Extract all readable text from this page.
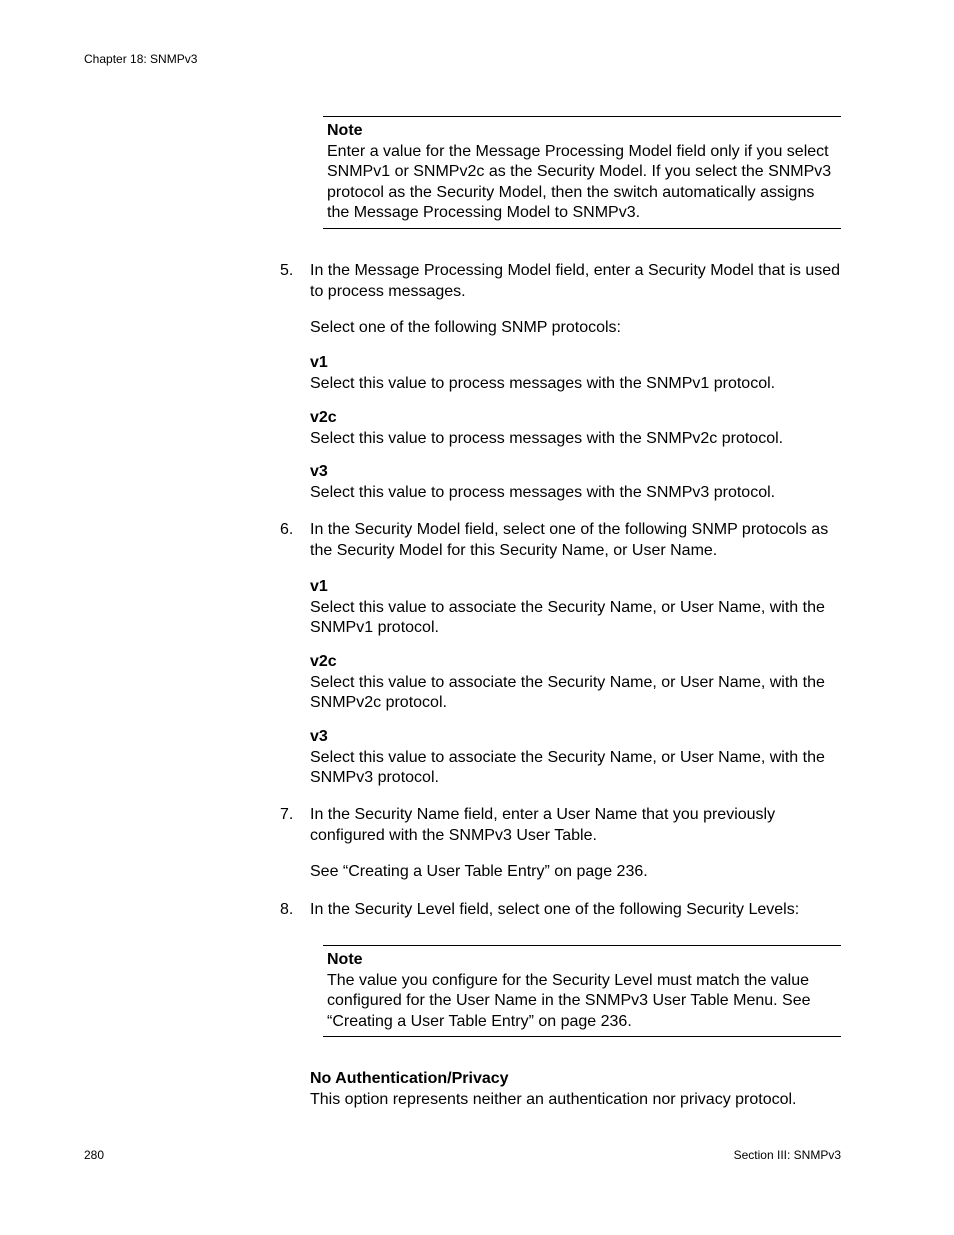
Chapter 18: SNMPv3
Note
Enter a value for the Message Processing Model field only if you select SNMPv1 or SNMPv2c as the Security Model. If you select the SNMPv3 protocol as the Security Model, then the switch automatically assigns the Message Processing Model to SNMPv3.
5. In the Message Processing Model field, enter a Security Model that is used to process messages.
Select one of the following SNMP protocols:
v1
Select this value to process messages with the SNMPv1 protocol.
v2c
Select this value to process messages with the SNMPv2c protocol.
v3
Select this value to process messages with the SNMPv3 protocol.
6. In the Security Model field, select one of the following SNMP protocols as the Security Model for this Security Name, or User Name.
v1
Select this value to associate the Security Name, or User Name, with the SNMPv1 protocol.
v2c
Select this value to associate the Security Name, or User Name, with the SNMPv2c protocol.
v3
Select this value to associate the Security Name, or User Name, with the SNMPv3 protocol.
7. In the Security Name field, enter a User Name that you previously configured with the SNMPv3 User Table.
See “Creating a User Table Entry” on page 236.
8. In the Security Level field, select one of the following Security Levels:
Note
The value you configure for the Security Level must match the value configured for the User Name in the SNMPv3 User Table Menu. See “Creating a User Table Entry” on page 236.
No Authentication/Privacy
This option represents neither an authentication nor privacy protocol.
280	Section III: SNMPv3
